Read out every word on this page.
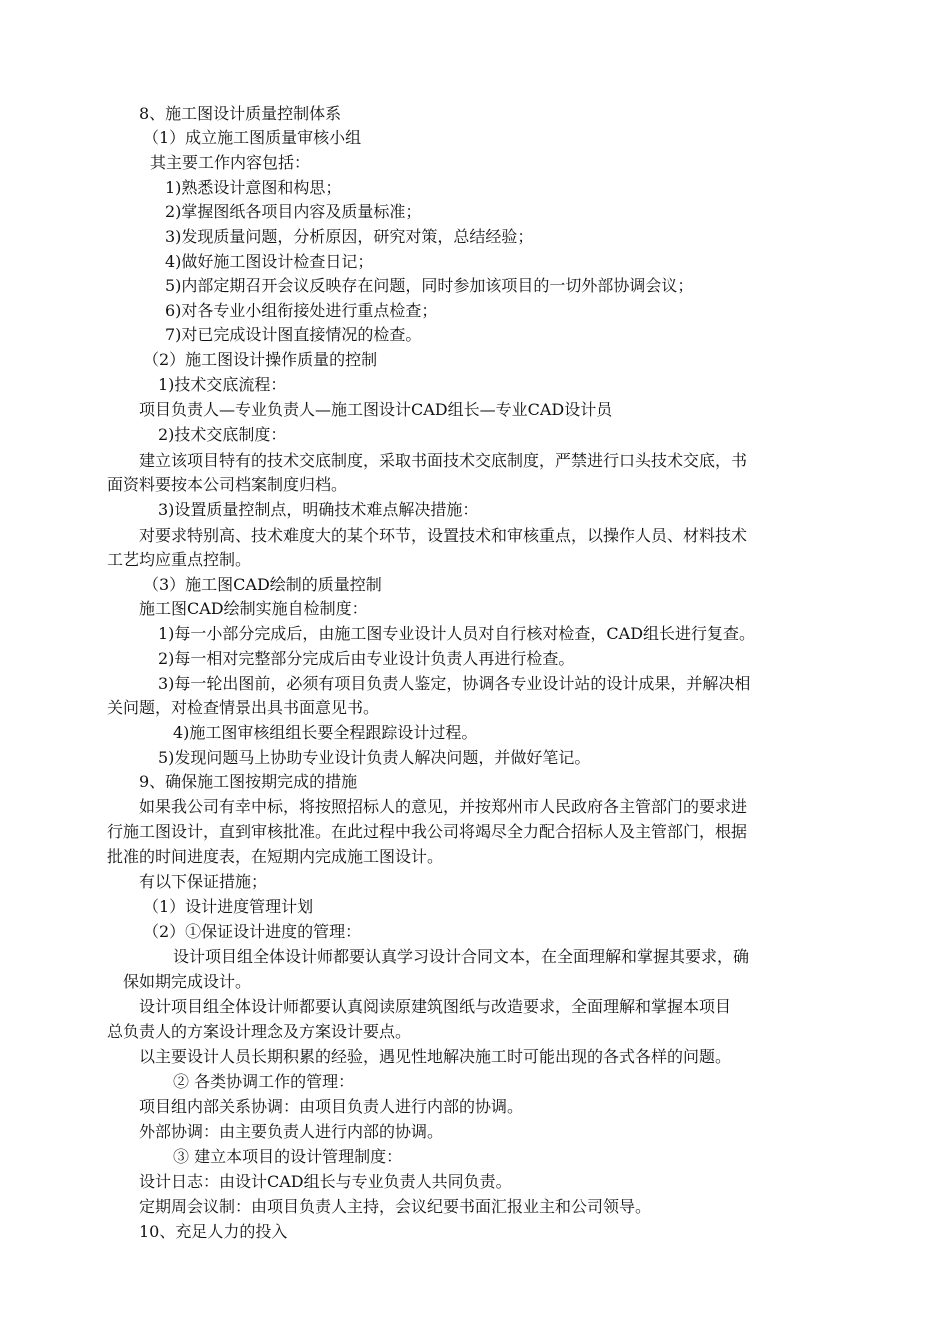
8、施工图设计质量控制体系
（1）成立施工图质量审核小组
其主要工作内容包括：
1)熟悉设计意图和构思；
2)掌握图纸各项目内容及质量标准；
3)发现质量问题，分析原因，研究对策，总结经验；
4)做好施工图设计检查日记；
5)内部定期召开会议反映存在问题，同时参加该项目的一切外部协调会议；
6)对各专业小组衔接处进行重点检查；
7)对已完成设计图直接情况的检查。
（2）施工图设计操作质量的控制
1)技术交底流程：
项目负责人—专业负责人—施工图设计CAD组长—专业CAD设计员
2)技术交底制度：
建立该项目特有的技术交底制度，采取书面技术交底制度，严禁进行口头技术交底，书
面资料要按本公司档案制度归档。
3)设置质量控制点，明确技术难点解决措施：
对要求特别高、技术难度大的某个环节，设置技术和审核重点，以操作人员、材料技术
工艺均应重点控制。
（3）施工图CAD绘制的质量控制
施工图CAD绘制实施自检制度：
1)每一小部分完成后，由施工图专业设计人员对自行核对检查，CAD组长进行复查。
2)每一相对完整部分完成后由专业设计负责人再进行检查。
3)每一轮出图前，必须有项目负责人鉴定，协调各专业设计站的设计成果，并解决相
关问题，对检查情景出具书面意见书。
4)施工图审核组组长要全程跟踪设计过程。
5)发现问题马上协助专业设计负责人解决问题，并做好笔记。
9、确保施工图按期完成的措施
如果我公司有幸中标，将按照招标人的意见，并按郑州市人民政府各主管部门的要求进
行施工图设计，直到审核批准。在此过程中我公司将竭尽全力配合招标人及主管部门，根据
批准的时间进度表，在短期内完成施工图设计。
有以下保证措施；
（1）设计进度管理计划
（2）①保证设计进度的管理：
设计项目组全体设计师都要认真学习设计合同文本，在全面理解和掌握其要求，确
保如期完成设计。
设计项目组全体设计师都要认真阅读原建筑图纸与改造要求，全面理解和掌握本项目
总负责人的方案设计理念及方案设计要点。
以主要设计人员长期积累的经验，遇见性地解决施工时可能出现的各式各样的问题。
② 各类协调工作的管理：
项目组内部关系协调：由项目负责人进行内部的协调。
外部协调：由主要负责人进行内部的协调。
③ 建立本项目的设计管理制度：
设计日志：由设计CAD组长与专业负责人共同负责。
定期周会议制：由项目负责人主持，会议纪要书面汇报业主和公司领导。
10、充足人力的投入
